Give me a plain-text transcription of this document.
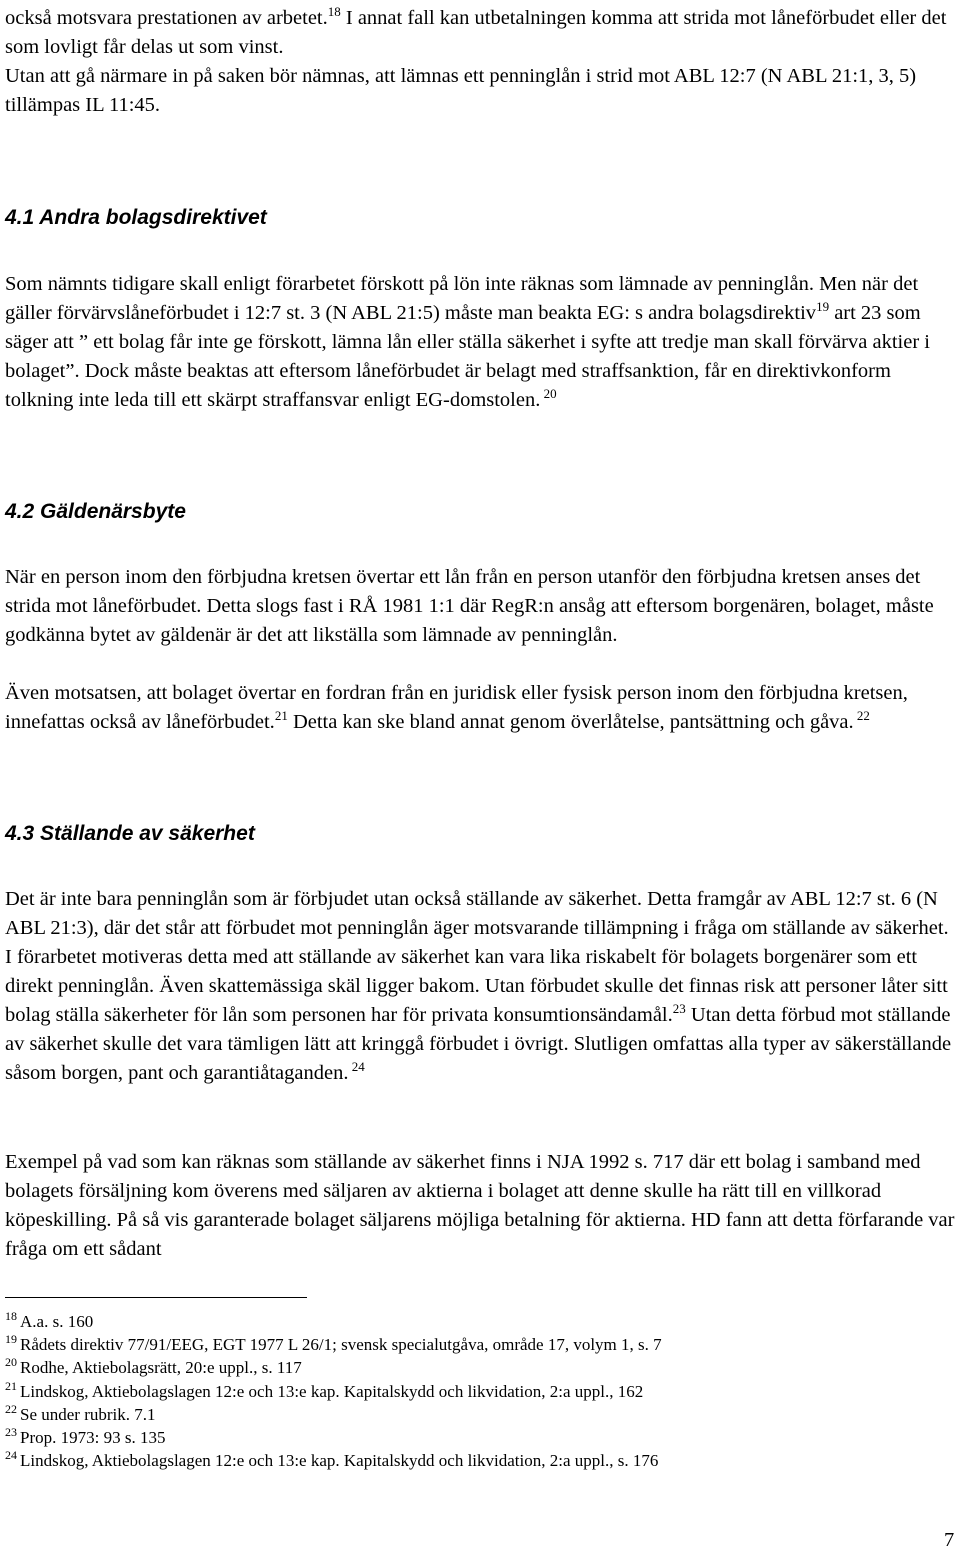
också motsvara prestationen av arbetet.$^{18}$ I annat fall kan utbetalningen komma att strida mot låneförbudet eller det som lovligt får delas ut som vinst.

Utan att gå närmare in på saken bör nämnas, att lämnas ett penninglån i strid mot ABL 12:7 (N ABL 21:1, 3, 5) tillämpas IL 11:45.

4.1 Andra bolagsdirektivet

Som nämnts tidigare skall enligt förarbetet förskott på lön inte räknas som lämnade av penninglån. Men när det gäller förvärvslåneförbudet i 12:7 st. 3 (N ABL 21:5) måste man beakta EG: s andra bolagsdirektiv$^{19}$ art 23 som säger att ” ett bolag får inte ge förskott, lämna lån eller ställa säkerhet i syfte att tredje man skall förvärva aktier i bolaget”. Dock måste beaktas att eftersom låneförbudet är belagt med straffsanktion, får en direktivkonform tolkning inte leda till ett skärpt straffansvar enligt EG-domstolen. $^{20}$

4.2 Gäldenärsbyte

När en person inom den förbjudna kretsen övertar ett lån från en person utanför den förbjudna kretsen anses det strida mot låneförbudet. Detta slogs fast i RÅ 1981 1:1 där RegR:n ansåg att eftersom borgenären, bolaget, måste godkänna bytet av gäldenär är det att likställa som lämnade av penninglån.

Även motsatsen, att bolaget övertar en fordran från en juridisk eller fysisk person inom den förbjudna kretsen, innefattas också av låneförbudet.$^{21}$ Detta kan ske bland annat genom överlåtelse, pantsättning och gåva. $^{22}$

4.3 Ställande av säkerhet

Det är inte bara penninglån som är förbjudet utan också ställande av säkerhet. Detta framgår av ABL 12:7 st. 6 (N ABL 21:3), där det står att förbudet mot penninglån äger motsvarande tillämpning i fråga om ställande av säkerhet. I förarbetet motiveras detta med att ställande av säkerhet kan vara lika riskabelt för bolagets borgenärer som ett direkt penninglån. Även skattemässiga skäl ligger bakom. Utan förbudet skulle det finnas risk att personer låter sitt bolag ställa säkerheter för lån som personen har för privata konsumtionsändamål.$^{23}$ Utan detta förbud mot ställande av säkerhet skulle det vara tämligen lätt att kringgå förbudet i övrigt. Slutligen omfattas alla typer av säkerställande såsom borgen, pant och garantiåtaganden. $^{24}$

Exempel på vad som kan räknas som ställande av säkerhet finns i NJA 1992 s. 717 där ett bolag i samband med bolagets försäljning kom överens med säljaren av aktierna i bolaget att denne skulle ha rätt till en villkorad köpeskilling. På så vis garanterade bolaget säljarens möjliga betalning för aktierna. HD fann att detta förfarande var fråga om ett sådant

$^{18}$ A.a. s. 160
$^{19}$ Rådets direktiv 77/91/EEG, EGT 1977 L 26/1; svensk specialutgåva, område 17, volym 1, s. 7
$^{20}$ Rodhe, Aktiebolagsrätt, 20:e uppl., s. 117
$^{21}$ Lindskog, Aktiebolagslagen 12:e och 13:e kap. Kapitalskydd och likvidation, 2:a uppl., 162
$^{22}$ Se under rubrik. 7.1
$^{23}$ Prop. 1973: 93 s. 135
$^{24}$ Lindskog, Aktiebolagslagen 12:e och 13:e kap. Kapitalskydd och likvidation, 2:a uppl., s. 176
7
